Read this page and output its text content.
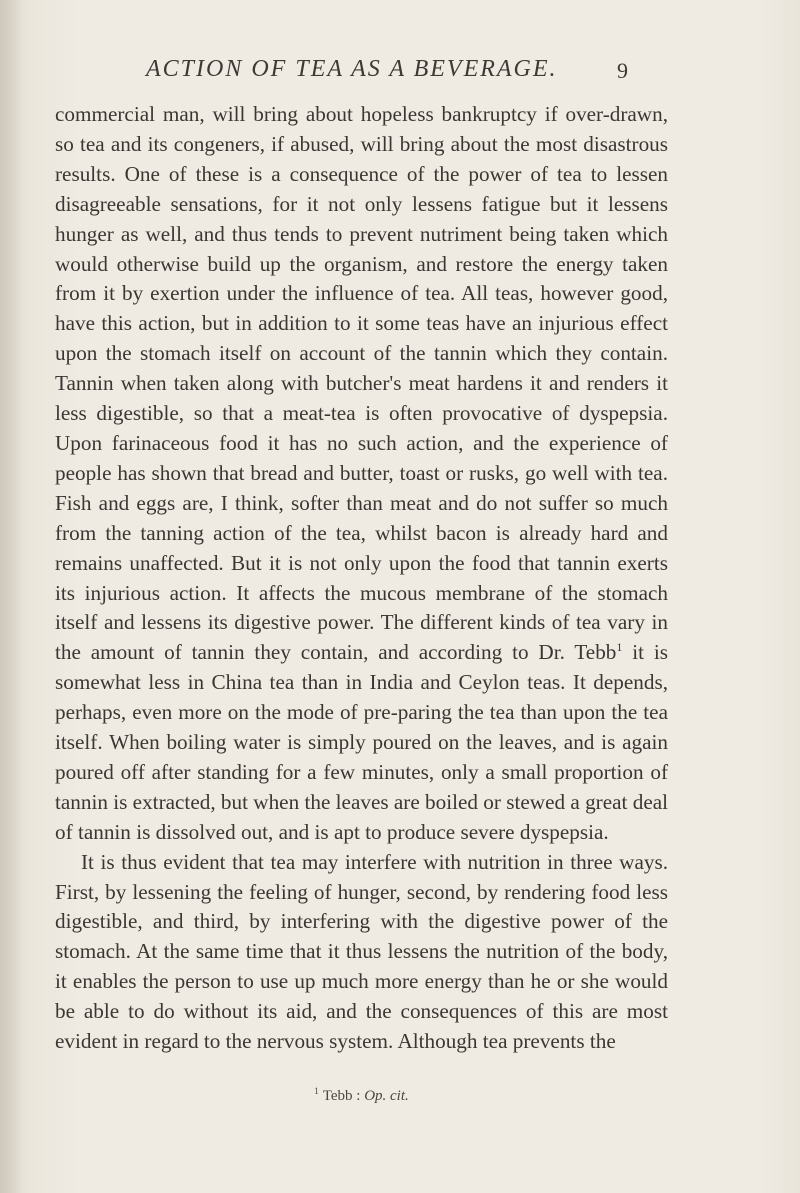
ACTION OF TEA AS A BEVERAGE.	9

commercial man, will bring about hopeless bankruptcy if over-drawn, so tea and its congeners, if abused, will bring about the most disastrous results. One of these is a consequence of the power of tea to lessen disagreeable sensations, for it not only lessens fatigue but it lessens hunger as well, and thus tends to prevent nutriment being taken which would otherwise build up the organism, and restore the energy taken from it by exertion under the influence of tea. All teas, however good, have this action, but in addition to it some teas have an injurious effect upon the stomach itself on account of the tannin which they contain. Tannin when taken along with butcher's meat hardens it and renders it less digestible, so that a meat-tea is often provocative of dyspepsia. Upon farinaceous food it has no such action, and the experience of people has shown that bread and butter, toast or rusks, go well with tea. Fish and eggs are, I think, softer than meat and do not suffer so much from the tanning action of the tea, whilst bacon is already hard and remains unaffected. But it is not only upon the food that tannin exerts its injurious action. It affects the mucous membrane of the stomach itself and lessens its digestive power. The different kinds of tea vary in the amount of tannin they contain, and according to Dr. Tebb$^1$ it is somewhat less in China tea than in India and Ceylon teas. It depends, perhaps, even more on the mode of pre-paring the tea than upon the tea itself. When boiling water is simply poured on the leaves, and is again poured off after standing for a few minutes, only a small proportion of tannin is extracted, but when the leaves are boiled or stewed a great deal of tannin is dissolved out, and is apt to produce severe dyspepsia.

It is thus evident that tea may interfere with nutrition in three ways. First, by lessening the feeling of hunger, second, by rendering food less digestible, and third, by interfering with the digestive power of the stomach. At the same time that it thus lessens the nutrition of the body, it enables the person to use up much more energy than he or she would be able to do without its aid, and the consequences of this are most evident in regard to the nervous system. Although tea prevents the

$^1$ Tebb : Op. cit.
